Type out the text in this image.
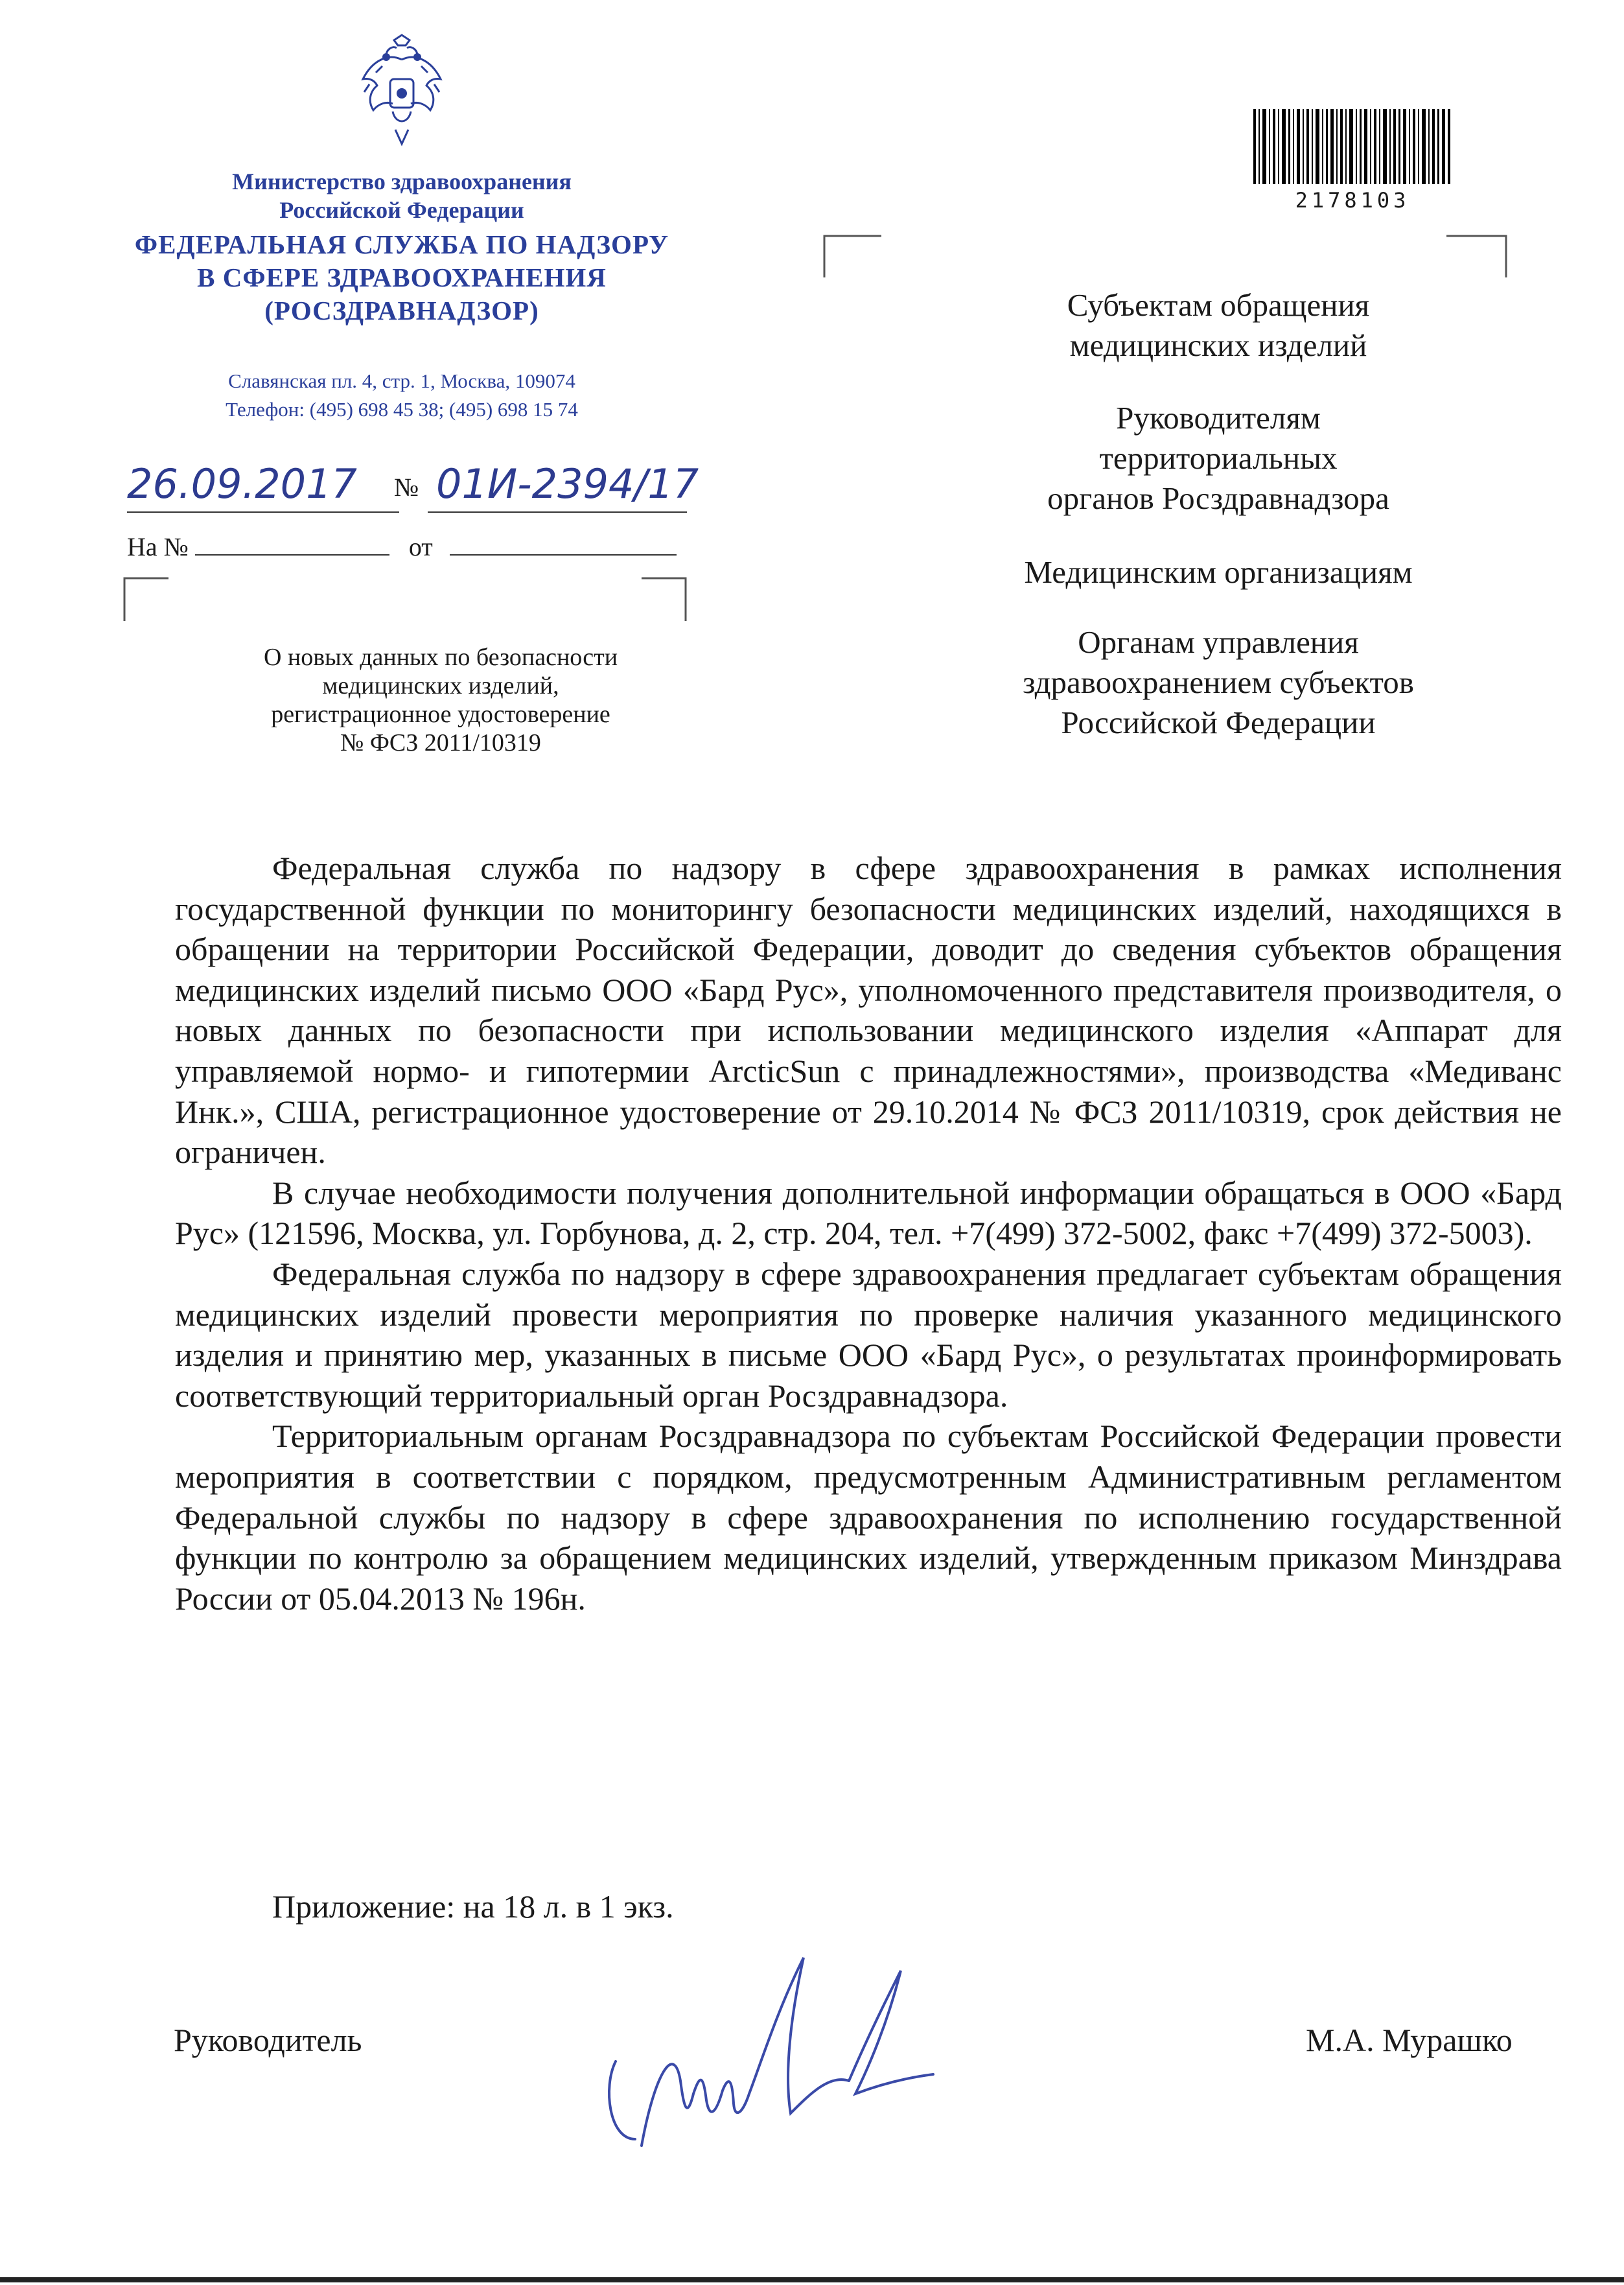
Министерство здравоохранения
Российской Федерации
ФЕДЕРАЛЬНАЯ СЛУЖБА ПО НАДЗОРУ
В СФЕРЕ ЗДРАВООХРАНЕНИЯ
(РОСЗДРАВНАДЗОР)
Славянская пл. 4, стр. 1, Москва, 109074
Телефон: (495) 698 45 38; (495) 698 15 74
26.09.2017 № 01И-2394/17
На №	от
О новых данных по безопасности
медицинских изделий,
регистрационное удостоверение
№ ФСЗ 2011/10319
2178103
Субъектам обращения
медицинских изделий
Руководителям
территориальных
органов Росздравнадзора
Медицинским организациям
Органам управления
здравоохранением субъектов
Российской Федерации

Федеральная служба по надзору в сфере здравоохранения в рамках исполнения государственной функции по мониторингу безопасности медицинских изделий, находящихся в обращении на территории Российской Федерации, доводит до сведения субъектов обращения медицинских изделий письмо ООО «Бард Рус», уполномоченного представителя производителя, о новых данных по безопасности при использовании медицинского изделия «Аппарат для управляемой нормо- и гипотермии ArcticSun с принадлежностями», производства «Медиванс Инк.», США, регистрационное удостоверение от 29.10.2014 № ФСЗ 2011/10319, срок действия не ограничен.

В случае необходимости получения дополнительной информации обращаться в ООО «Бард Рус» (121596, Москва, ул. Горбунова, д. 2, стр. 204, тел. +7(499) 372-5002, факс +7(499) 372-5003).

Федеральная служба по надзору в сфере здравоохранения предлагает субъектам обращения медицинских изделий провести мероприятия по проверке наличия указанного медицинского изделия и принятию мер, указанных в письме ООО «Бард Рус», о результатах проинформировать соответствующий территориальный орган Росздравнадзора.

Территориальным органам Росздравнадзора по субъектам Российской Федерации провести мероприятия в соответствии с порядком, предусмотренным Административным регламентом Федеральной службы по надзору в сфере здравоохранения по исполнению государственной функции по контролю за обращением медицинских изделий, утвержденным приказом Минздрава России от 05.04.2013 № 196н.

Приложение: на 18 л. в 1 экз.
Руководитель	М.А. Мурашко
